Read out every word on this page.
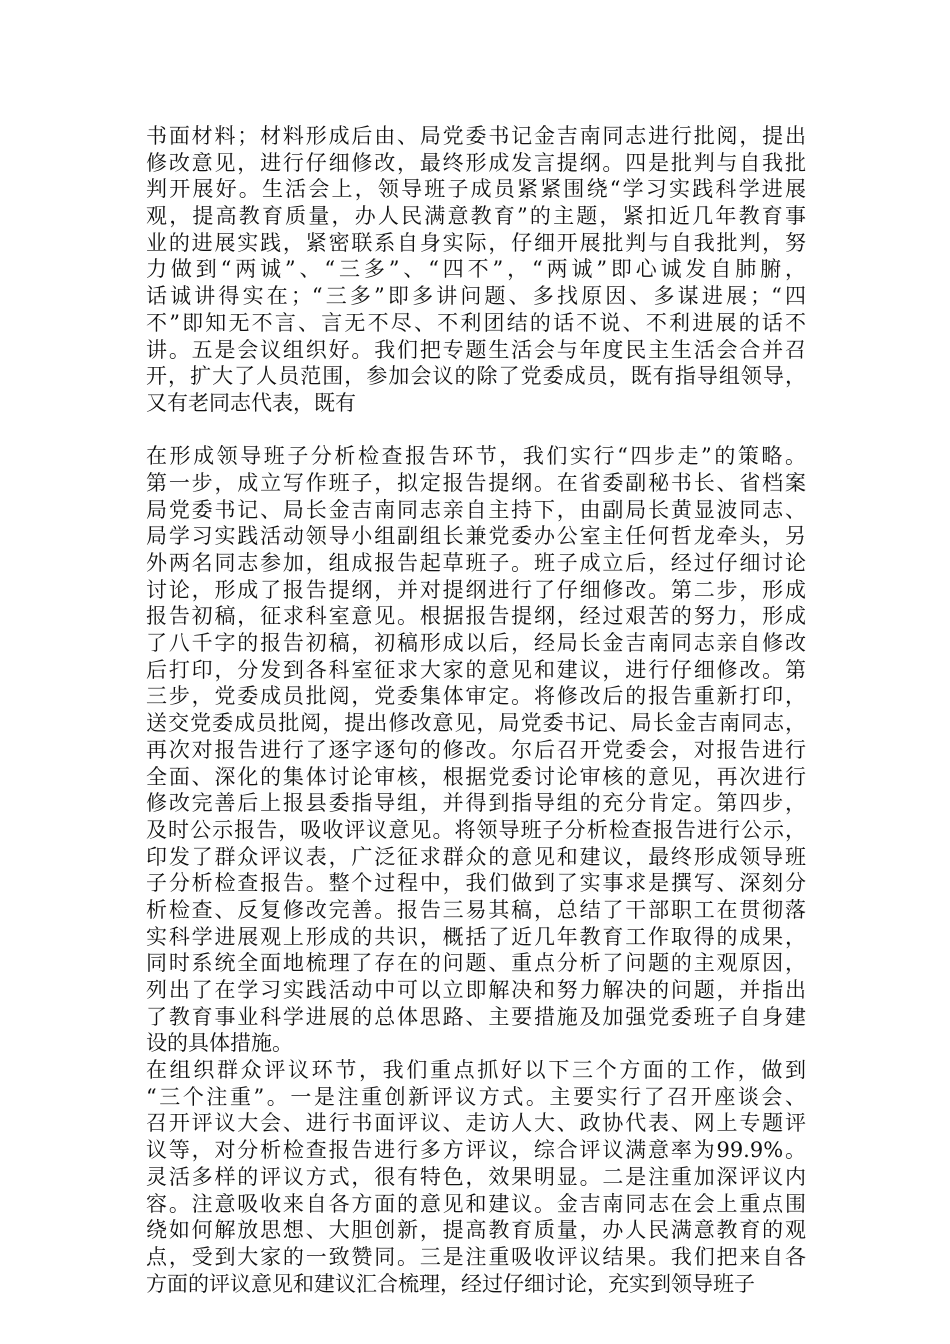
书面材料；材料形成后由、局党委书记金吉南同志进行批阅，提出
修改意见，进行仔细修改，最终形成发言提纲。四是批判与自我批
判开展好。生活会上，领导班子成员紧紧围绕“学习实践科学进展
观，提高教育质量，办人民满意教育”的主题，紧扣近几年教育事
业的进展实践，紧密联系自身实际，仔细开展批判与自我批判，努
力做到“两诚”、“三多”、“四不”，“两诚”即心诚发自肺腑，
话诚讲得实在；“三多”即多讲问题、多找原因、多谋进展；“四
不”即知无不言、言无不尽、不利团结的话不说、不利进展的话不
讲。五是会议组织好。我们把专题生活会与年度民主生活会合并召
开，扩大了人员范围，参加会议的除了党委成员，既有指导组领导，
又有老同志代表，既有
在形成领导班子分析检查报告环节，我们实行“四步走”的策略。
第一步，成立写作班子，拟定报告提纲。在省委副秘书长、省档案
局党委书记、局长金吉南同志亲自主持下，由副局长黄显波同志、
局学习实践活动领导小组副组长兼党委办公室主任何哲龙牵头，另
外两名同志参加，组成报告起草班子。班子成立后，经过仔细讨论
讨论，形成了报告提纲，并对提纲进行了仔细修改。第二步，形成
报告初稿，征求科室意见。根据报告提纲，经过艰苦的努力，形成
了八千字的报告初稿，初稿形成以后，经局长金吉南同志亲自修改
后打印，分发到各科室征求大家的意见和建议，进行仔细修改。第
三步，党委成员批阅，党委集体审定。将修改后的报告重新打印，
送交党委成员批阅，提出修改意见，局党委书记、局长金吉南同志，
再次对报告进行了逐字逐句的修改。尔后召开党委会，对报告进行
全面、深化的集体讨论审核，根据党委讨论审核的意见，再次进行
修改完善后上报县委指导组，并得到指导组的充分肯定。第四步，
及时公示报告，吸收评议意见。将领导班子分析检查报告进行公示，
印发了群众评议表，广泛征求群众的意见和建议，最终形成领导班
子分析检查报告。整个过程中，我们做到了实事求是撰写、深刻分
析检查、反复修改完善。报告三易其稿，总结了干部职工在贯彻落
实科学进展观上形成的共识，概括了近几年教育工作取得的成果，
同时系统全面地梳理了存在的问题、重点分析了问题的主观原因，
列出了在学习实践活动中可以立即解决和努力解决的问题，并指出
了教育事业科学进展的总体思路、主要措施及加强党委班子自身建
设的具体措施。
在组织群众评议环节，我们重点抓好以下三个方面的工作，做到
“三个注重”。一是注重创新评议方式。主要实行了召开座谈会、
召开评议大会、进行书面评议、走访人大、政协代表、网上专题评
议等，对分析检查报告进行多方评议，综合评议满意率为99.9%。
灵活多样的评议方式，很有特色，效果明显。二是注重加深评议内
容。注意吸收来自各方面的意见和建议。金吉南同志在会上重点围
绕如何解放思想、大胆创新，提高教育质量，办人民满意教育的观
点，受到大家的一致赞同。三是注重吸收评议结果。我们把来自各
方面的评议意见和建议汇合梳理，经过仔细讨论，充实到领导班子
